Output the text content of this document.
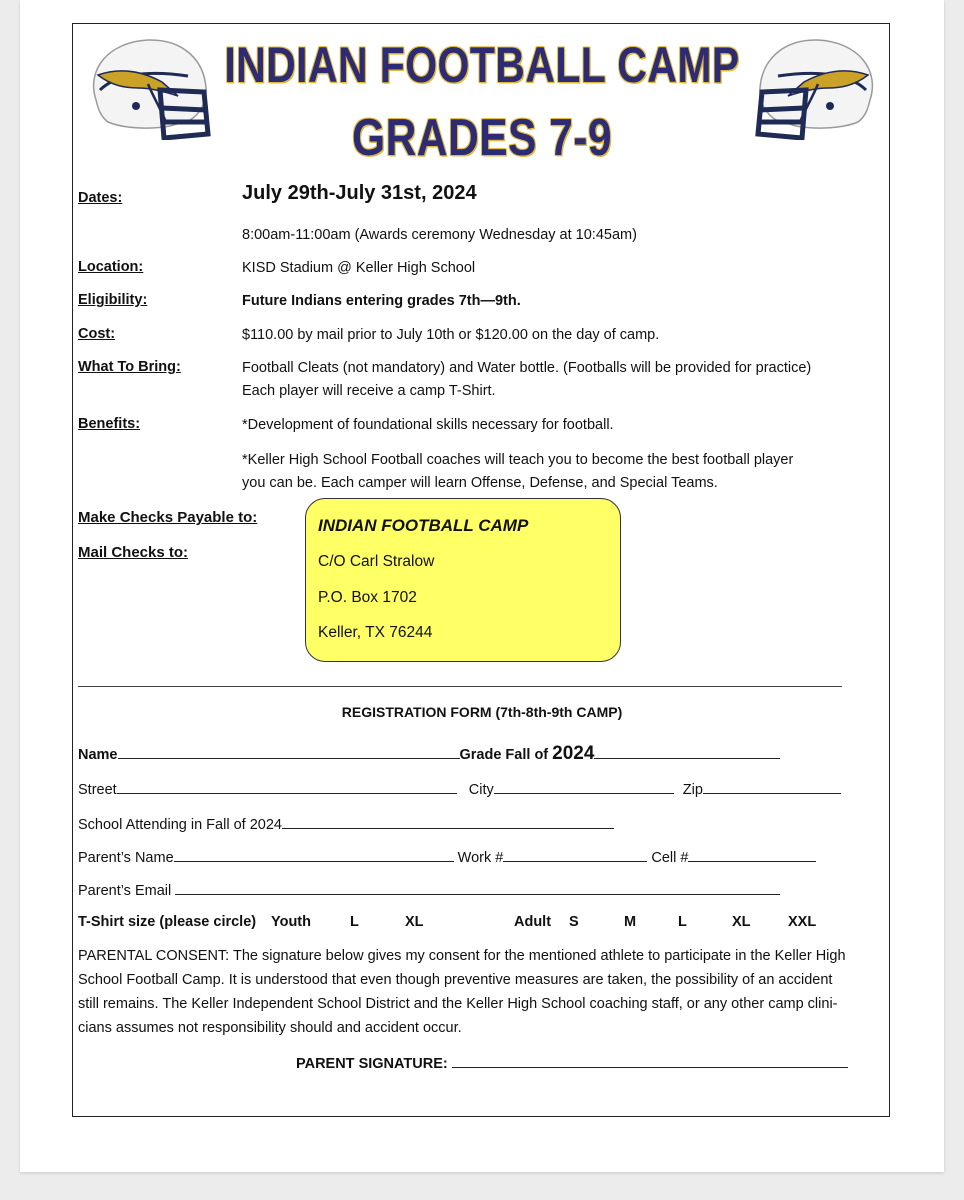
INDIAN FOOTBALL CAMP
GRADES 7-9
Dates:	July 29th-July 31st, 2024
8:00am-11:00am (Awards ceremony Wednesday at 10:45am)
Location:	KISD Stadium @ Keller High School
Eligibility:	Future Indians entering grades 7th—9th.
Cost:	$110.00 by mail prior to July 10th or $120.00 on the day of camp.
What To Bring:	Football Cleats (not mandatory) and Water bottle. (Footballs will be provided for practice)
Each player will receive a camp T-Shirt.
Benefits:	*Development of foundational skills necessary for football.
*Keller High School Football coaches will teach you to become the best football player
you can be. Each camper will learn Offense, Defense, and Special Teams.
Make Checks Payable to:
Mail Checks to:
INDIAN FOOTBALL CAMP
C/O Carl Stralow
P.O. Box 1702
Keller, TX 76244
REGISTRATION FORM (7th-8th-9th CAMP)
Name	Grade Fall of 2024
Street	City	Zip
School Attending in Fall of 2024
Parent’s Name	Work #	Cell #
Parent’s Email
T-Shirt size (please circle) Youth	L	XL	Adult S	M	L	XL	XXL
PARENTAL CONSENT: The signature below gives my consent for the mentioned athlete to participate in the Keller High
School Football Camp. It is understood that even though preventive measures are taken, the possibility of an accident
still remains. The Keller Independent School District and the Keller High School coaching staff, or any other camp clini-
cians assumes not responsibility should and accident occur.
PARENT SIGNATURE:
